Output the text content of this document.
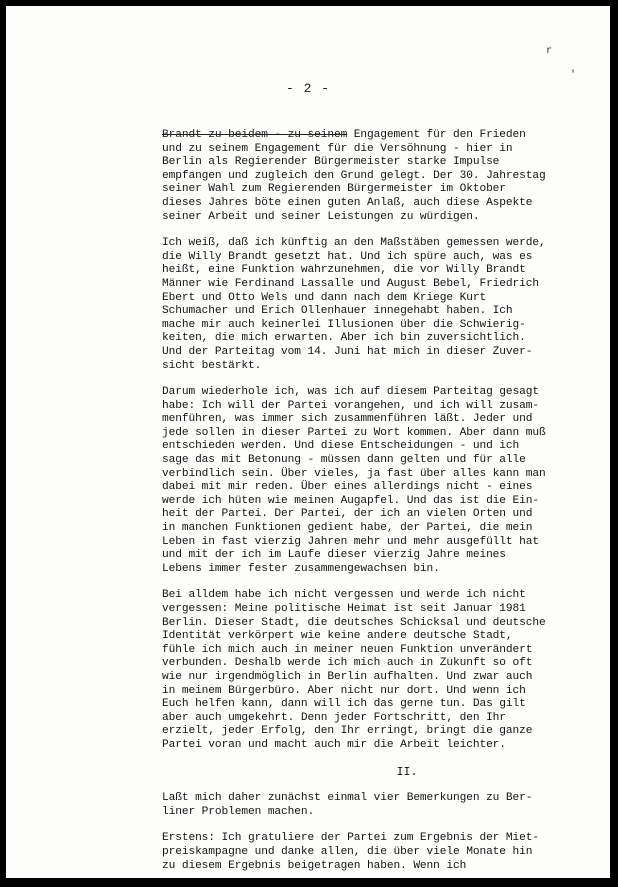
r
'
- 2 -

Brandt zu beidem - zu seinem Engagement für den Frieden
und zu seinem Engagement für die Versöhnung - hier in
Berlin als Regierender Bürgermeister starke Impulse
empfangen und zugleich den Grund gelegt. Der 30. Jahrestag
seiner Wahl zum Regierenden Bürgermeister im Oktober
dieses Jahres böte einen guten Anlaß, auch diese Aspekte
seiner Arbeit und seiner Leistungen zu würdigen.

Ich weiß, daß ich künftig an den Maßstäben gemessen werde,
die Willy Brandt gesetzt hat. Und ich spüre auch, was es
heißt, eine Funktion wahrzunehmen, die vor Willy Brandt
Männer wie Ferdinand Lassalle und August Bebel, Friedrich
Ebert und Otto Wels und dann nach dem Kriege Kurt
Schumacher und Erich Ollenhauer innegehabt haben. Ich
mache mir auch keinerlei Illusionen über die Schwierig-
keiten, die mich erwarten. Aber ich bin zuversichtlich.
Und der Parteitag vom 14. Juni hat mich in dieser Zuver-
sicht bestärkt.

Darum wiederhole ich, was ich auf diesem Parteitag gesagt
habe: Ich will der Partei vorangehen, und ich will zusam-
menführen, was immer sich zusammenführen läßt. Jeder und
jede sollen in dieser Partei zu Wort kommen. Aber dann muß
entschieden werden. Und diese Entscheidungen - und ich
sage das mit Betonung - müssen dann gelten und für alle
verbindlich sein. Über vieles, ja fast über alles kann man
dabei mit mir reden. Über eines allerdings nicht - eines
werde ich hüten wie meinen Augapfel. Und das ist die Ein-
heit der Partei. Der Partei, der ich an vielen Orten und
in manchen Funktionen gedient habe, der Partei, die mein
Leben in fast vierzig Jahren mehr und mehr ausgefüllt hat
und mit der ich im Laufe dieser vierzig Jahre meines
Lebens immer fester zusammengewachsen bin.

Bei alldem habe ich nicht vergessen und werde ich nicht
vergessen: Meine politische Heimat ist seit Januar 1981
Berlin. Dieser Stadt, die deutsches Schicksal und deutsche
Identität verkörpert wie keine andere deutsche Stadt,
fühle ich mich auch in meiner neuen Funktion unverändert
verbunden. Deshalb werde ich mich auch in Zukunft so oft
wie nur irgendmöglich in Berlin aufhalten. Und zwar auch
in meinem Bürgerbüro. Aber nicht nur dort. Und wenn ich
Euch helfen kann, dann will ich das gerne tun. Das gilt
aber auch umgekehrt. Denn jeder Fortschritt, den Ihr
erzielt, jeder Erfolg, den Ihr erringt, bringt die ganze
Partei voran und macht auch mir die Arbeit leichter.

II.

Laßt mich daher zunächst einmal vier Bemerkungen zu Ber-
liner Problemen machen.

Erstens: Ich gratuliere der Partei zum Ergebnis der Miet-
preiskampagne und danke allen, die über viele Monate hin
zu diesem Ergebnis beigetragen haben. Wenn ich
